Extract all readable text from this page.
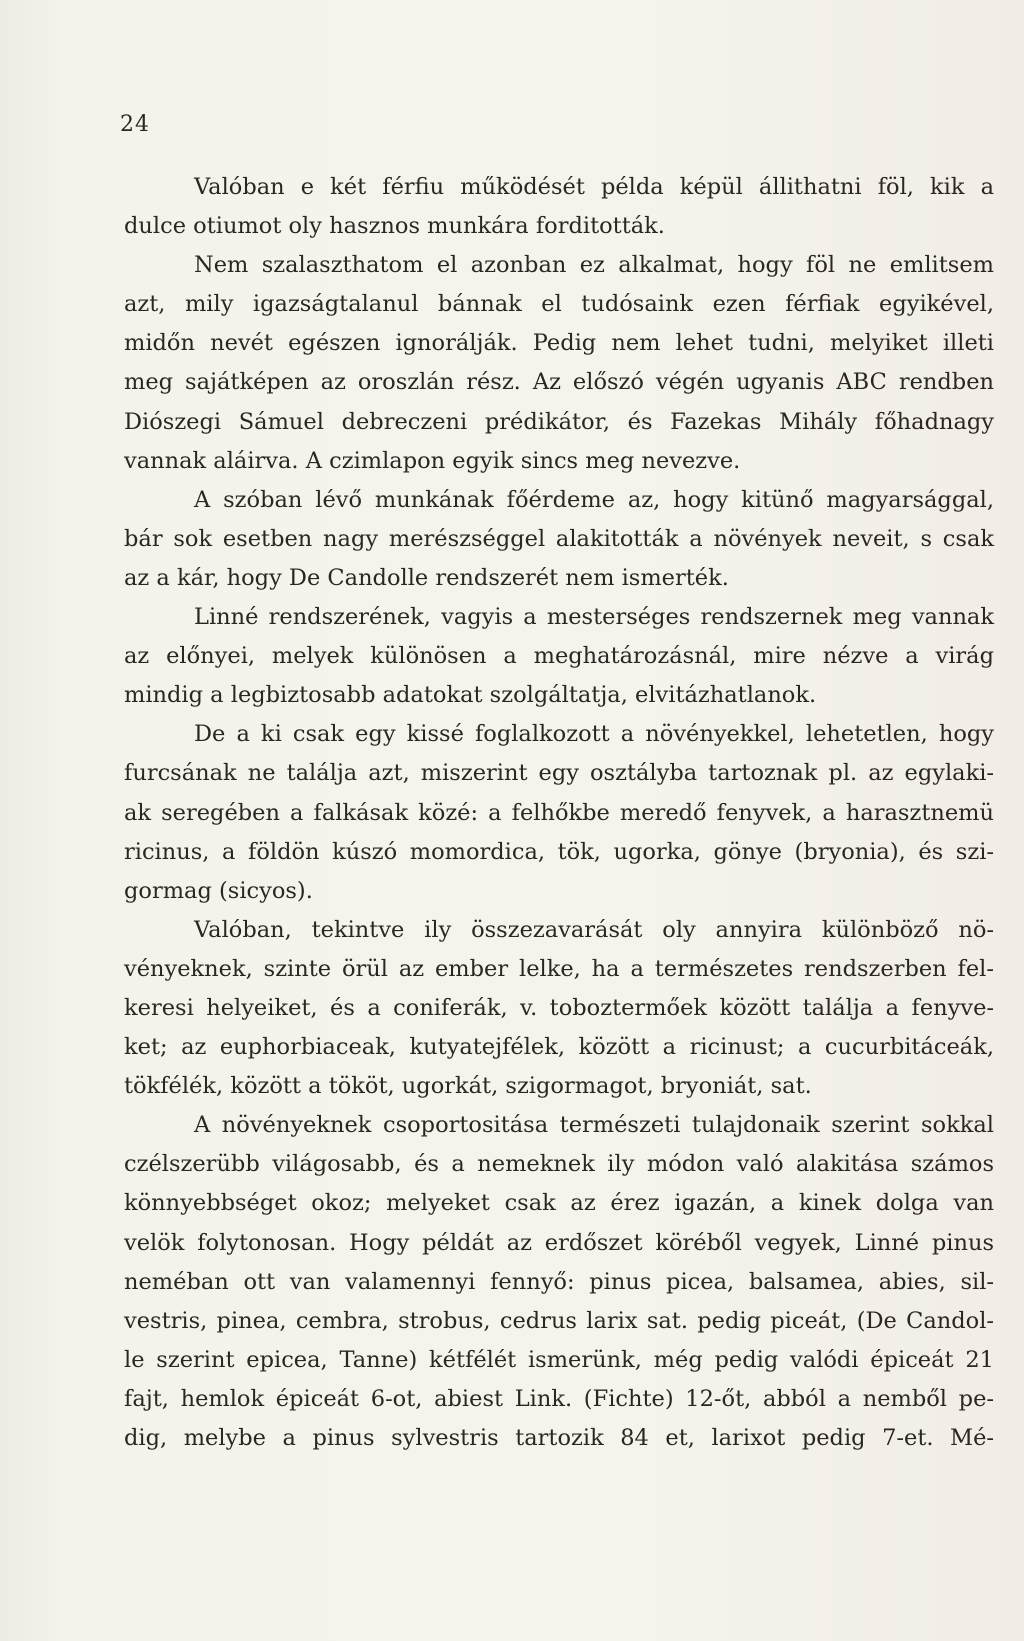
24
Valóban e két férfiu működését példa képül állithatni föl, kik a
dulce otiumot oly hasznos munkára forditották.
Nem szalaszthatom el azonban ez alkalmat, hogy föl ne emlitsem
azt, mily igazságtalanul bánnak el tudósaink ezen férfiak egyikével,
midőn nevét egészen ignorálják. Pedig nem lehet tudni, melyiket illeti
meg sajátképen az oroszlán rész. Az előszó végén ugyanis ABC rendben
Diószegi Sámuel debreczeni prédikátor, és Fazekas Mihály főhadnagy
vannak aláirva. A czimlapon egyik sincs meg nevezve.
A szóban lévő munkának főérdeme az, hogy kitünő magyarsággal,
bár sok esetben nagy merészséggel alakitották a növények neveit, s csak
az a kár, hogy De Candolle rendszerét nem ismerték.
Linné rendszerének, vagyis a mesterséges rendszernek meg vannak
az előnyei, melyek különösen a meghatározásnál, mire nézve a virág
mindig a legbiztosabb adatokat szolgáltatja, elvitázhatlanok.
De a ki csak egy kissé foglalkozott a növényekkel, lehetetlen, hogy
furcsának ne találja azt, miszerint egy osztályba tartoznak pl. az egylaki-
ak seregében a falkásak közé: a felhőkbe meredő fenyvek, a harasztnemü
ricinus, a földön kúszó momordica, tök, ugorka, gönye (bryonia), és szi-
gormag (sicyos).
Valóban, tekintve ily összezavarását oly annyira különböző nö-
vényeknek, szinte örül az ember lelke, ha a természetes rendszerben fel-
keresi helyeiket, és a coniferák, v. toboztermőek között találja a fenyve-
ket; az euphorbiaceak, kutyatejfélek, között a ricinust; a cucurbitáceák,
tökfélék, között a tököt, ugorkát, szigormagot, bryoniát, sat.
A növényeknek csoportositása természeti tulajdonaik szerint sokkal
czélszerübb világosabb, és a nemeknek ily módon való alakitása számos
könnyebbséget okoz; melyeket csak az érez igazán, a kinek dolga van
velök folytonosan. Hogy példát az erdőszet köréből vegyek, Linné pinus
neméban ott van valamennyi fennyő: pinus picea, balsamea, abies, sil-
vestris, pinea, cembra, strobus, cedrus larix sat. pedig piceát, (De Candol-
le szerint epicea, Tanne) kétfélét ismerünk, még pedig valódi épiceát 21
fajt, hemlok épiceát 6-ot, abiest Link. (Fichte) 12-őt, abból a nemből pe-
dig, melybe a pinus sylvestris tartozik 84 et, larixot pedig 7-et. Mé-
